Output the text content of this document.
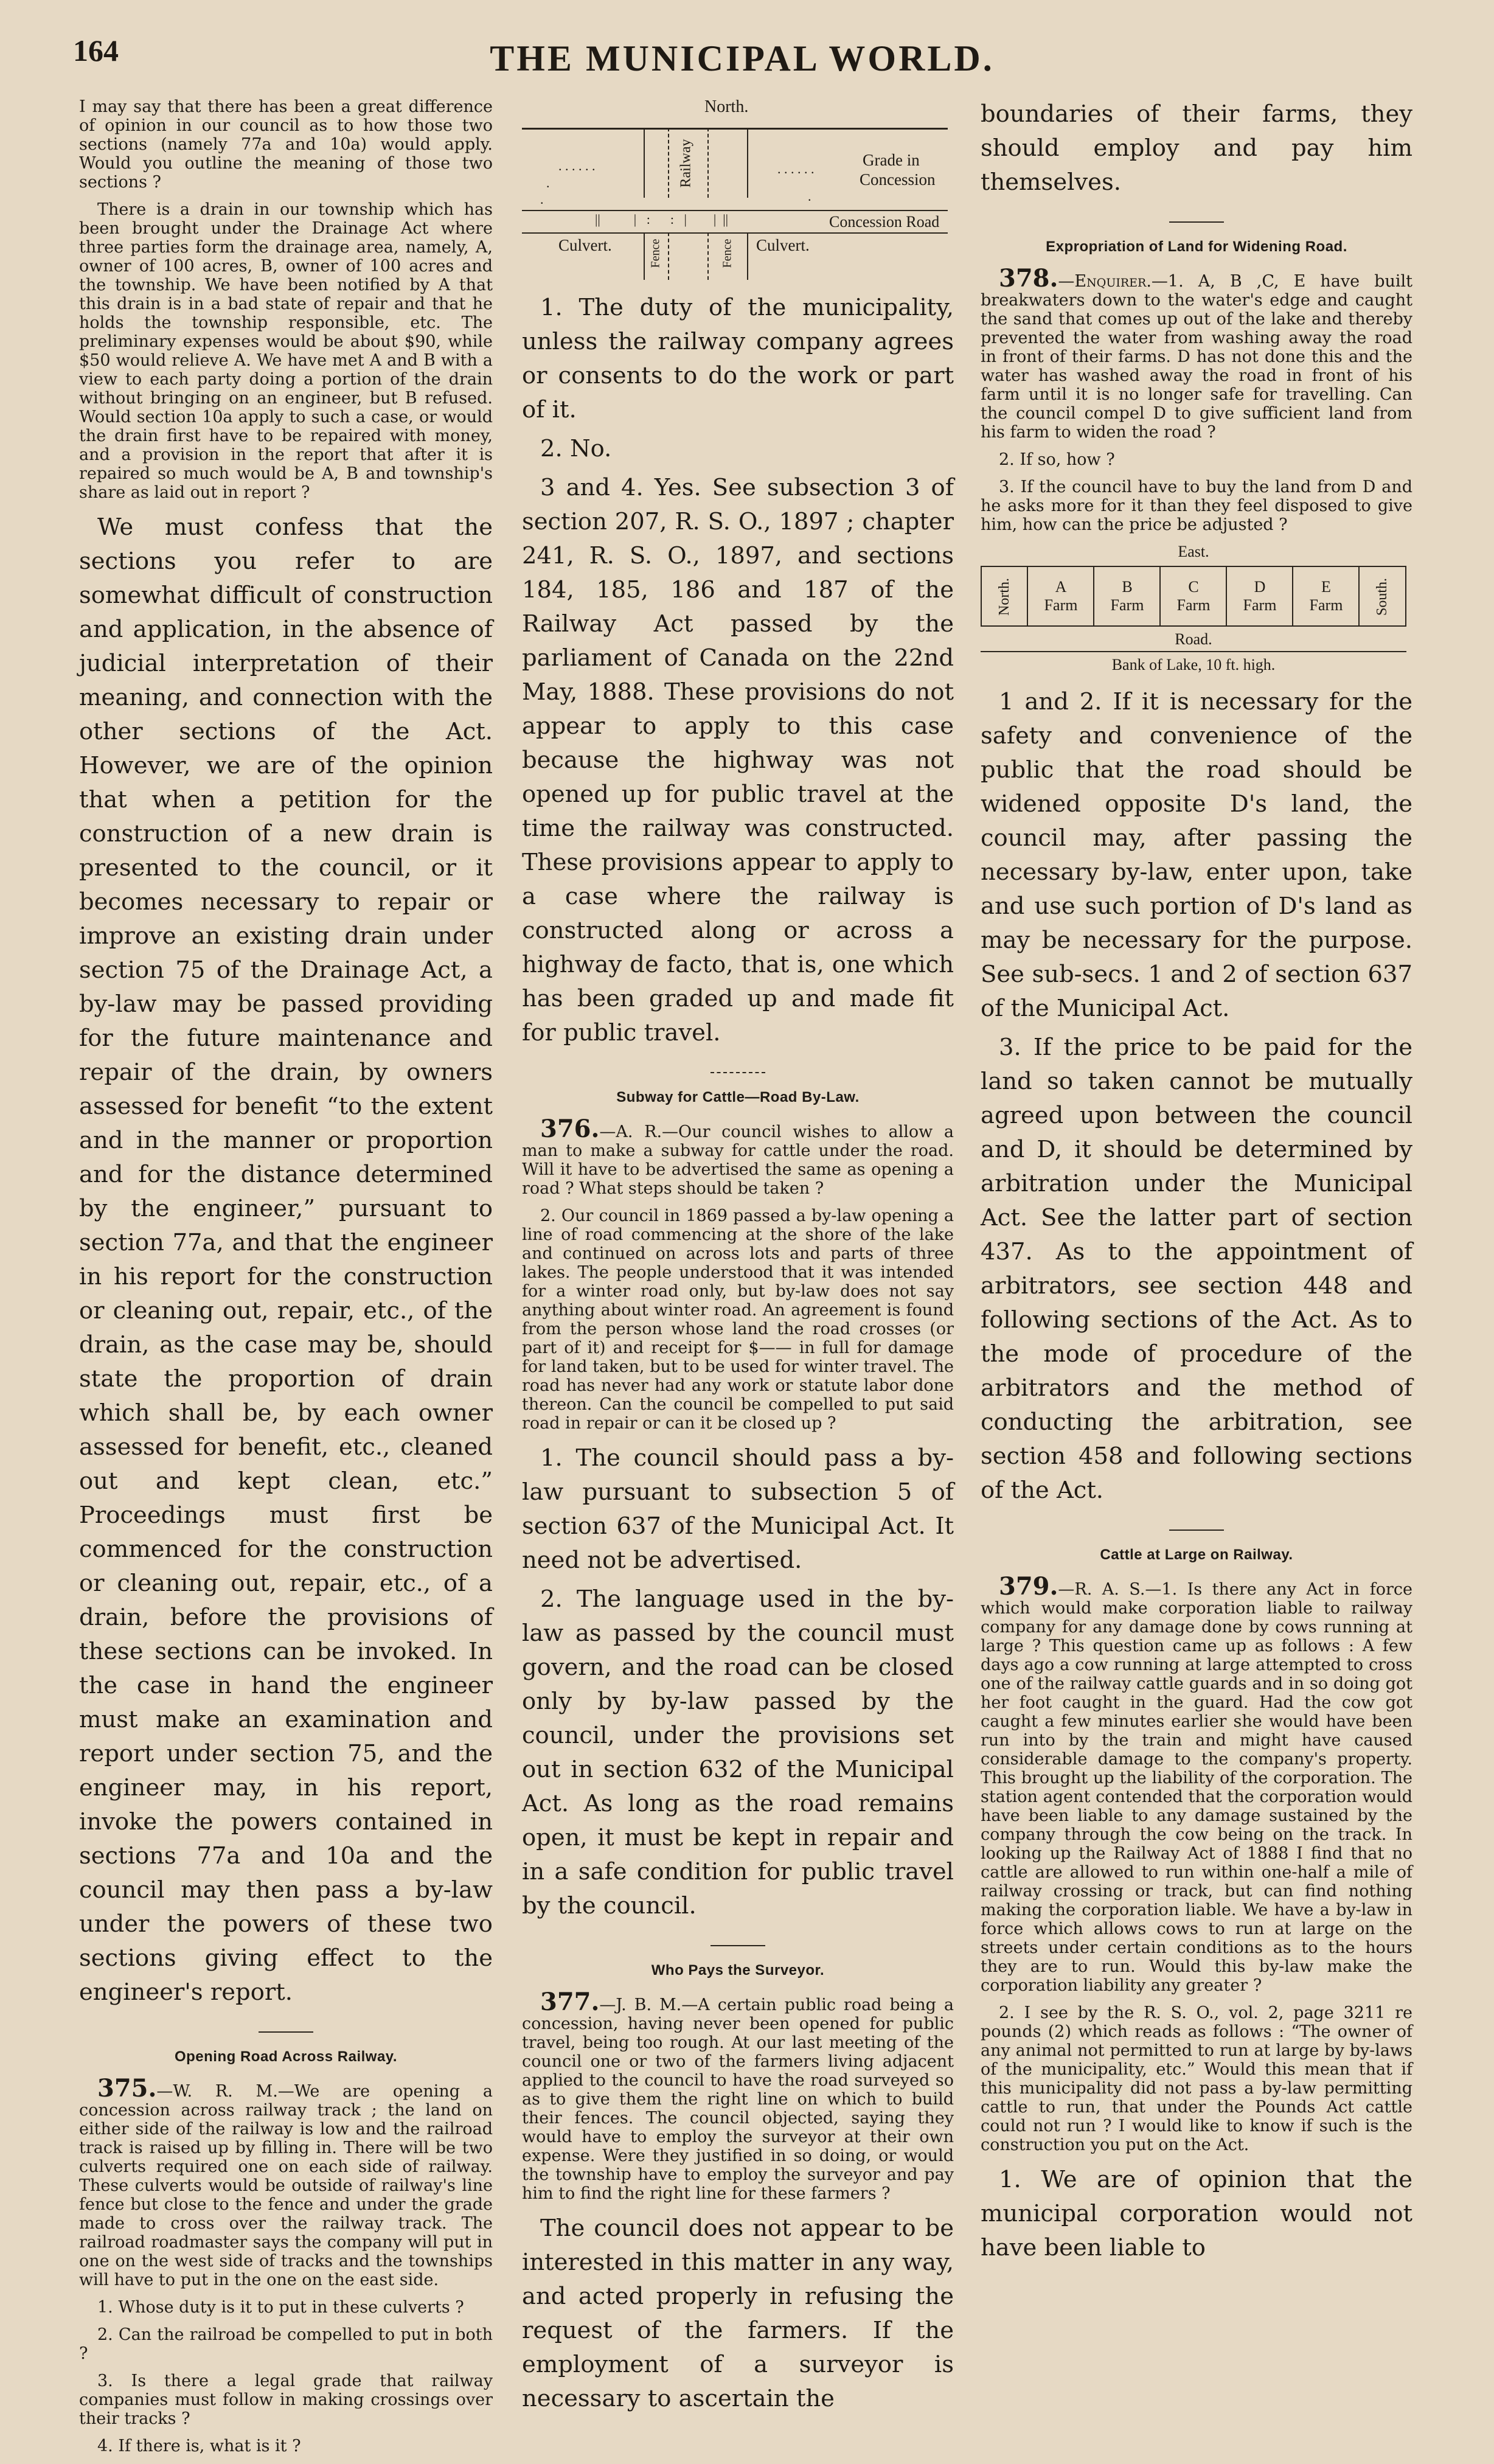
164	THE MUNICIPAL WORLD.

I may say that there has been a great difference of opinion in our council as to how those two sections (namely 77a and 10a) would apply. Would you outline the meaning of those two sections ?

There is a drain in our township which has been brought under the Drainage Act where three parties form the drainage area, namely, A, owner of 100 acres, B, owner of 100 acres and the township. We have been notified by A that this drain is in a bad state of repair and that he holds the township responsible, etc. The preliminary expenses would be about $90, while $50 would relieve A. We have met A and B with a view to each party doing a portion of the drain without bringing on an engineer, but B refused. Would section 10a apply to such a case, or would the drain first have to be repaired with money, and a provision in the report that after it is repaired so much would be A, B and township's share as laid out in report ?

We must confess that the sections you refer to are somewhat difficult of construction and application, in the absence of judicial interpretation of their meaning, and connection with the other sections of the Act. However, we are of the opinion that when a petition for the construction of a new drain is presented to the council, or it becomes necessary to repair or improve an existing drain under section 75 of the Drainage Act, a by-law may be passed providing for the future maintenance and repair of the drain, by owners assessed for benefit “to the extent and in the manner or proportion and for the distance determined by the engineer,” pursuant to section 77a, and that the engineer in his report for the construction or cleaning out, repair, etc., of the drain, as the case may be, should state the proportion of drain which shall be, by each owner assessed for benefit, etc., cleaned out and kept clean, etc.” Proceedings must first be commenced for the construction or cleaning out, repair, etc., of a drain, before the provisions of these sections can be invoked. In the case in hand the engineer must make an examination and report under section 75, and the engineer may, in his report, invoke the powers contained in sections 77a and 10a and the council may then pass a by-law under the powers of these two sections giving effect to the engineer's report.

Opening Road Across Railway.

375.—W. R. M.—We are opening a concession across railway track ; the land on either side of the railway is low and the railroad track is raised up by filling in. There will be two culverts required one on each side of railway. These culverts would be outside of railway's line fence but close to the fence and under the grade made to cross over the railway track. The railroad roadmaster says the company will put in one on the west side of tracks and the townships will have to put in the one on the east side.

1. Whose duty is it to put in these culverts ?

2. Can the railroad be compelled to put in both ?

3. Is there a legal grade that railway companies must follow in making crossings over their tracks ?

4. If there is, what is it ?

North.
. . . . . .
.
.
. . . . . .
.
Railway	Grade in
Concession
||          |   :      :   |        |  ||	Concession Road
Culvert.	Culvert.
Fence	Fence

1. The duty of the municipality, unless the railway company agrees or consents to do the work or part of it.

2. No.

3 and 4. Yes. See subsection 3 of section 207, R. S. O., 1897 ; chapter 241, R. S. O., 1897, and sections 184, 185, 186 and 187 of the Railway Act passed by the parliament of Canada on the 22nd May, 1888. These provisions do not appear to apply to this case because the highway was not opened up for public travel at the time the railway was constructed. These provisions appear to apply to a case where the railway is constructed along or across a highway de facto, that is, one which has been graded up and made fit for public travel.

Subway for Cattle—Road By-Law.

376.—A. R.—Our council wishes to allow a man to make a subway for cattle under the road. Will it have to be advertised the same as opening a road ? What steps should be taken ?

2. Our council in 1869 passed a by-law opening a line of road commencing at the shore of the lake and continued on across lots and parts of three lakes. The people understood that it was intended for a winter road only, but by-law does not say anything about winter road. An agreement is found from the person whose land the road crosses (or part of it) and receipt for $—— in full for damage for land taken, but to be used for winter travel. The road has never had any work or statute labor done thereon. Can the council be compelled to put said road in repair or can it be closed up ?

1. The council should pass a by-law pursuant to subsection 5 of section 637 of the Municipal Act. It need not be advertised.

2. The language used in the by-law as passed by the council must govern, and the road can be closed only by by-law passed by the council, under the provisions set out in section 632 of the Municipal Act. As long as the road remains open, it must be kept in repair and in a safe condition for public travel by the council.

Who Pays the Surveyor.

377.—J. B. M.—A certain public road being a concession, having never been opened for public travel, being too rough. At our last meeting of the council one or two of the farmers living adjacent applied to the council to have the road surveyed so as to give them the right line on which to build their fences. The council objected, saying they would have to employ the surveyor at their own expense. Were they justified in so doing, or would the township have to employ the surveyor and pay him to find the right line for these farmers ?

The council does not appear to be interested in this matter in any way, and acted properly in refusing the request of the farmers. If the employment of a surveyor is necessary to ascertain the

boundaries of their farms, they should employ and pay him themselves.

Expropriation of Land for Widening Road.

378.—Enquirer.—1. A, B ,C, E have built breakwaters down to the water's edge and caught the sand that comes up out of the lake and thereby prevented the water from washing away the road in front of their farms. D has not done this and the water has washed away the road in front of his farm until it is no longer safe for travelling. Can the council compel D to give sufficient land from his farm to widen the road ?

2. If so, how ?

3. If the council have to buy the land from D and he asks more for it than they feel disposed to give him, how can the price be adjusted ?

East.
North.	A
Farm

B
Farm

C
Farm

D
Farm

E
Farm	South.
Road.
Bank of Lake, 10 ft. high.

1 and 2. If it is necessary for the safety and convenience of the public that the road should be widened opposite D's land, the council may, after passing the necessary by-law, enter upon, take and use such portion of D's land as may be necessary for the purpose. See sub-secs. 1 and 2 of section 637 of the Municipal Act.

3. If the price to be paid for the land so taken cannot be mutually agreed upon between the council and D, it should be determined by arbitration under the Municipal Act. See the latter part of section 437. As to the appointment of arbitrators, see section 448 and following sections of the Act. As to the mode of procedure of the arbitrators and the method of conducting the arbitration, see section 458 and following sections of the Act.

Cattle at Large on Railway.

379.—R. A. S.—1. Is there any Act in force which would make corporation liable to railway company for any damage done by cows running at large ? This question came up as follows : A few days ago a cow running at large attempted to cross one of the railway cattle guards and in so doing got her foot caught in the guard. Had the cow got caught a few minutes earlier she would have been run into by the train and might have caused considerable damage to the company's property. This brought up the liability of the corporation. The station agent contended that the corporation would have been liable to any damage sustained by the company through the cow being on the track. In looking up the Railway Act of 1888 I find that no cattle are allowed to run within one-half a mile of railway crossing or track, but can find nothing making the corporation liable. We have a by-law in force which allows cows to run at large on the streets under certain conditions as to the hours they are to run. Would this by-law make the corporation liability any greater ?

2. I see by the R. S. O., vol. 2, page 3211 re pounds (2) which reads as follows : “The owner of any animal not permitted to run at large by by-laws of the municipality, etc.” Would this mean that if this municipality did not pass a by-law permitting cattle to run, that under the Pounds Act cattle could not run ? I would like to know if such is the construction you put on the Act.

1. We are of opinion that the municipal corporation would not have been liable to
